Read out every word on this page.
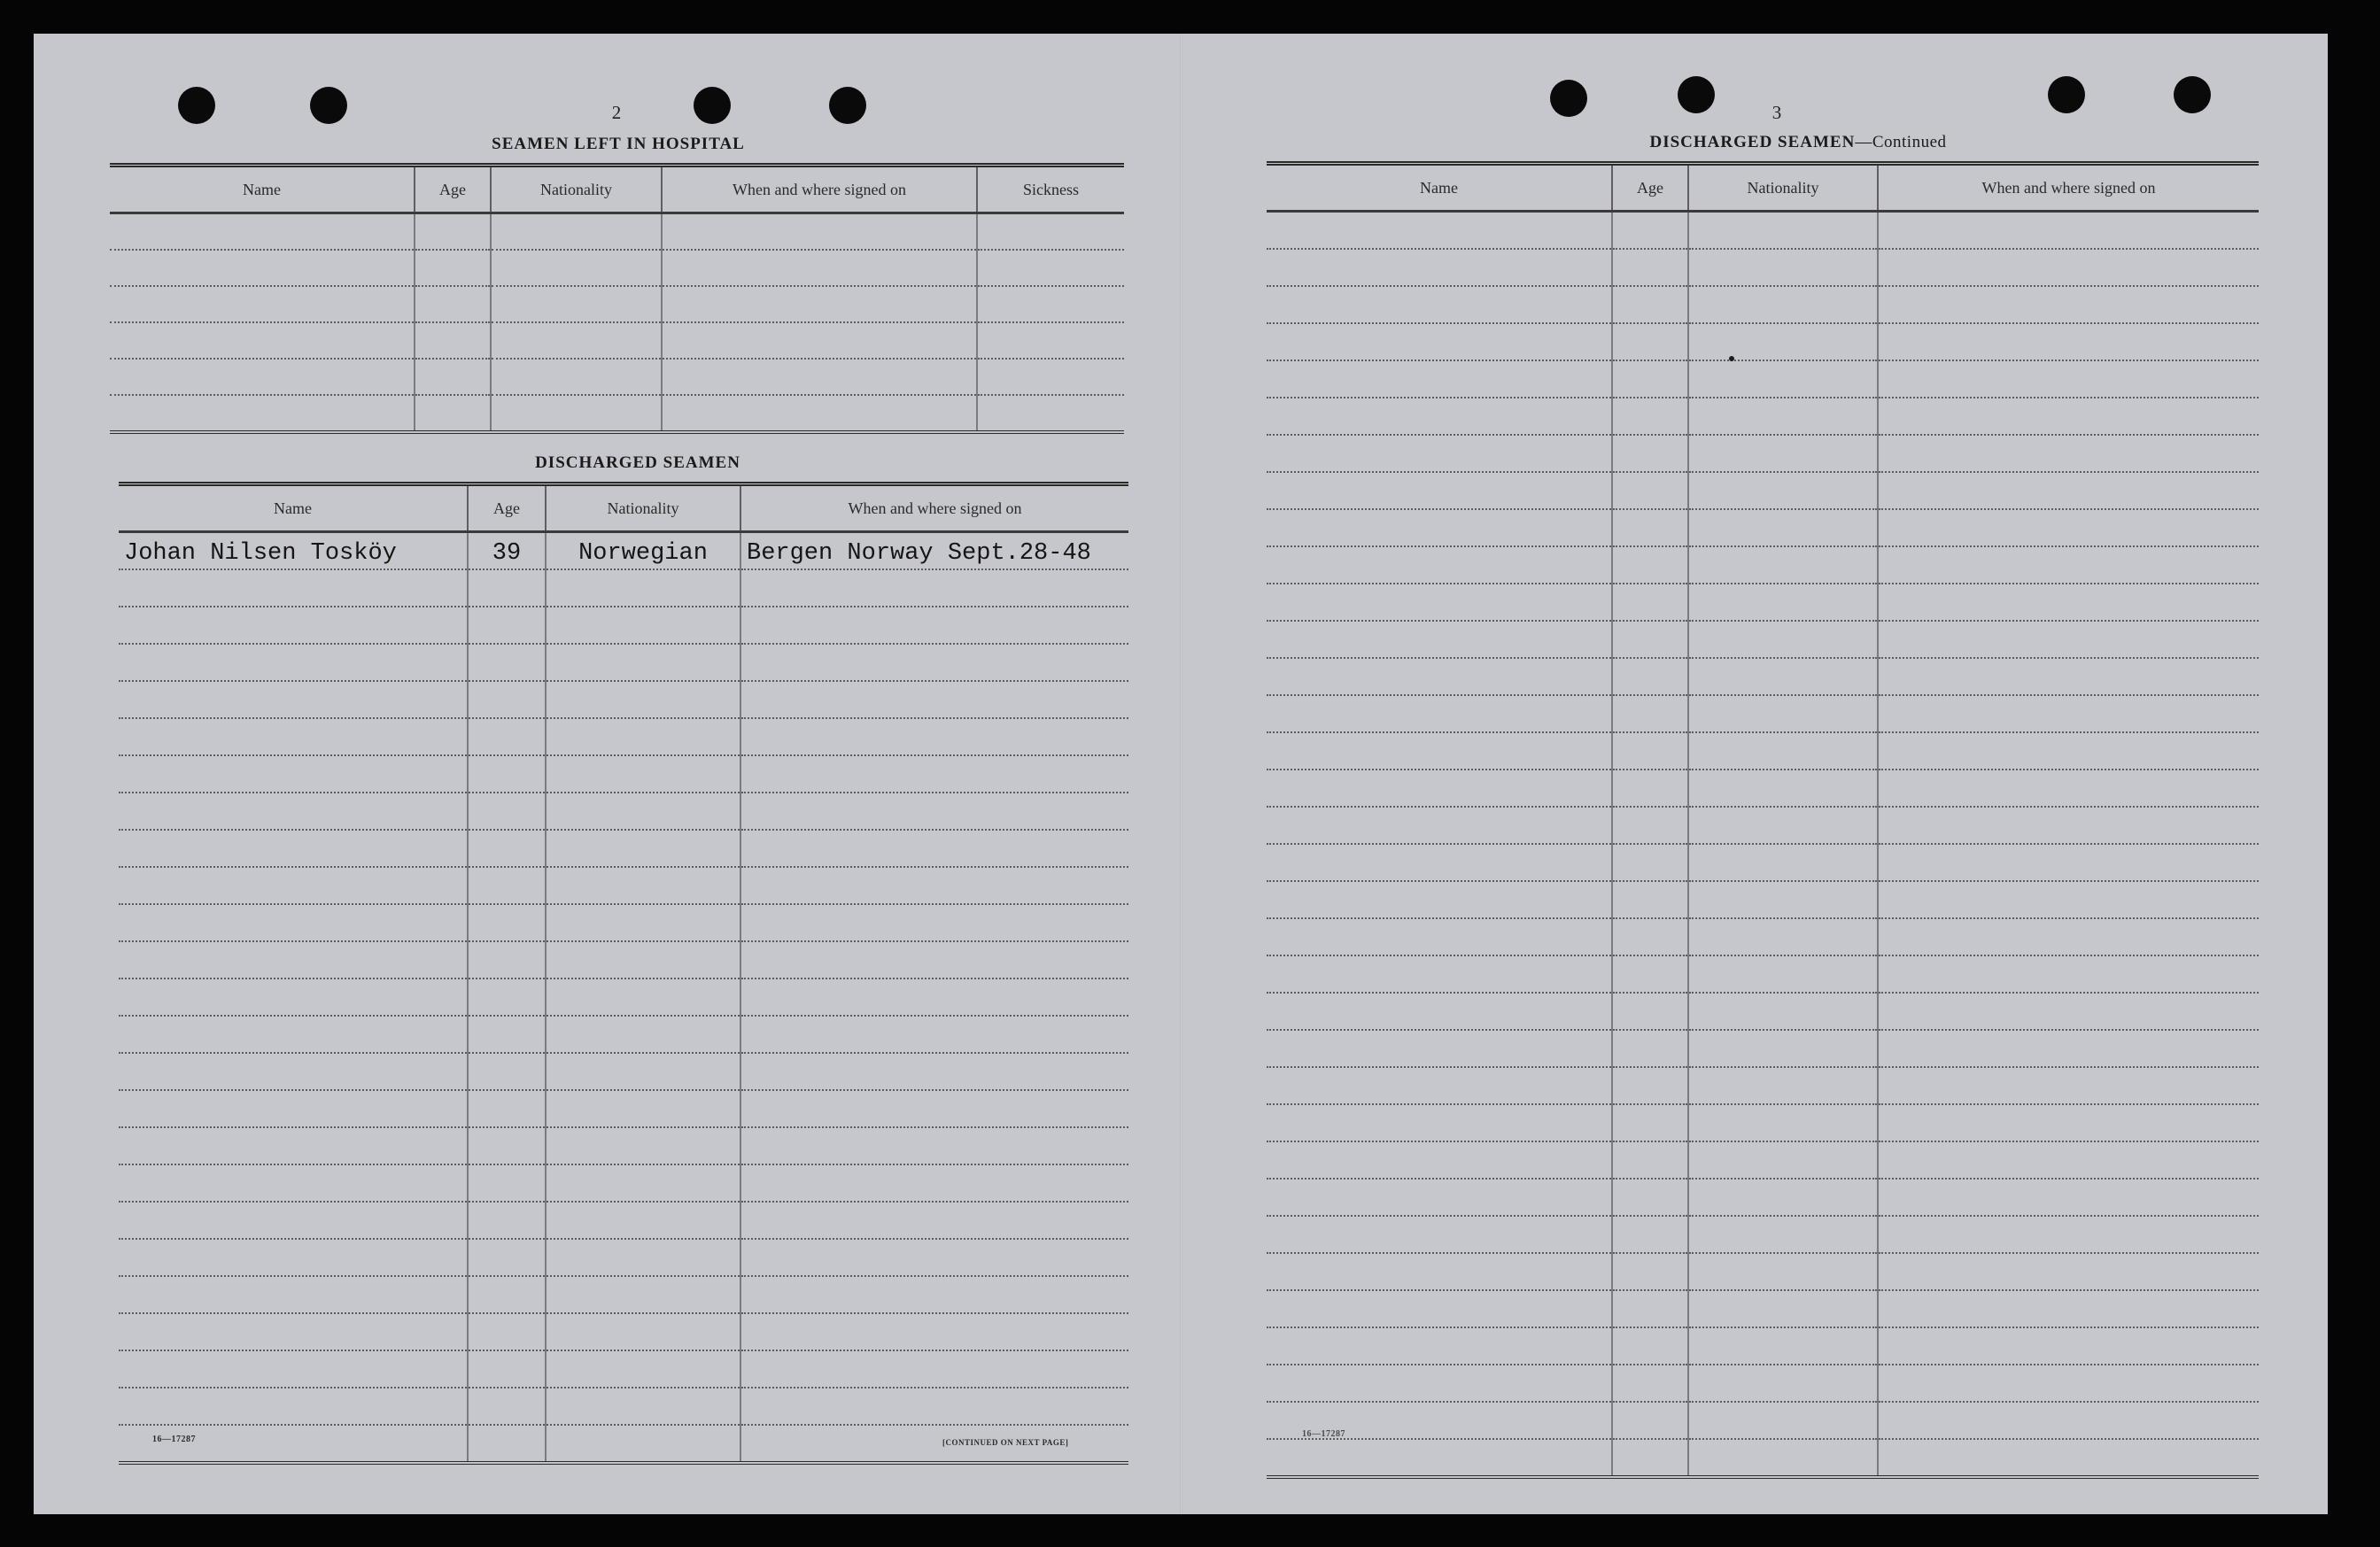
2
SEAMEN LEFT IN HOSPITAL
Name	Age	Nationality	When and where signed on	Sickness

DISCHARGED SEAMEN
Name	Age	Nationality	When and where signed on
Johan Nilsen Tosköy	39	Norwegian	Bergen Norway Sept.28-48

16—17287	[CONTINUED ON NEXT PAGE]
3
DISCHARGED SEAMEN—Continued
Name	Age	Nationality	When and where signed on

16—17287
